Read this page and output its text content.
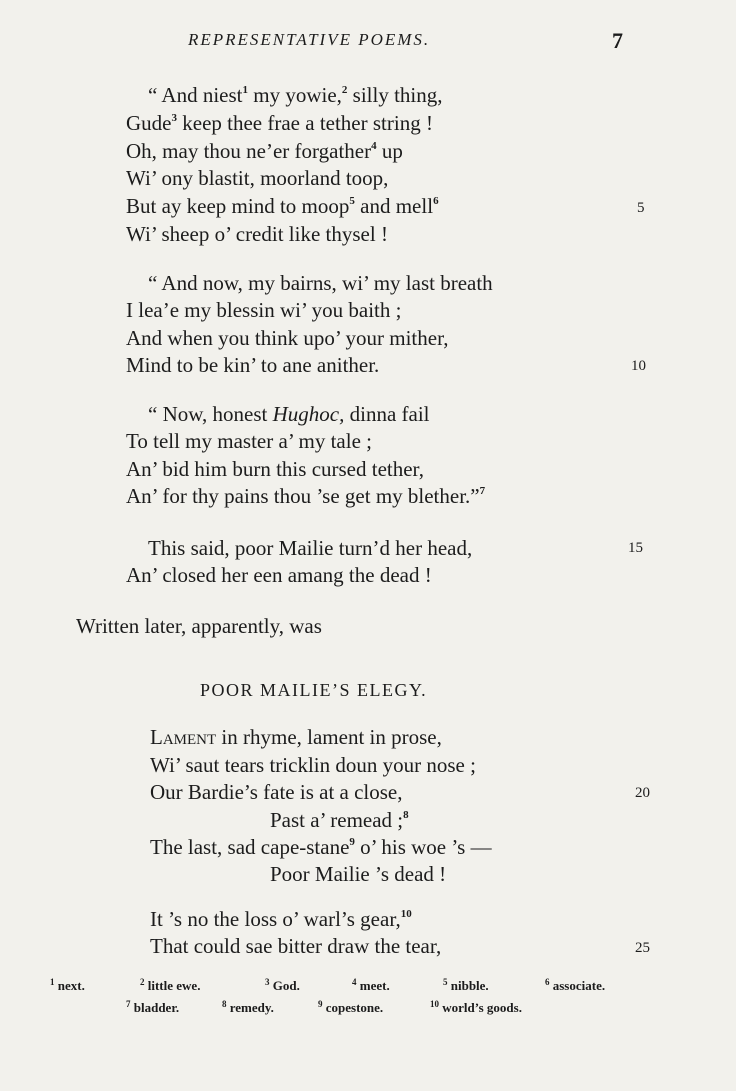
REPRESENTATIVE POEMS.	7
“ And niest$^1$ my yowie,$^2$ silly thing,
Gude$^3$ keep thee frae a tether string !
Oh, may thou ne’er forgather$^4$ up
Wi’ ony blastit, moorland toop,
But ay keep mind to moop$^5$ and mell$^6$	5
Wi’ sheep o’ credit like thysel !
“ And now, my bairns, wi’ my last breath
I lea’e my blessin wi’ you baith ;
And when you think upo’ your mither,
Mind to be kin’ to ane anither.	10
“ Now, honest Hughoc, dinna fail
To tell my master a’ my tale ;
An’ bid him burn this cursed tether,
An’ for thy pains thou ’se get my blether.”$^7$
This said, poor Mailie turn’d her head,	15
An’ closed her een amang the dead !
Written later, apparently, was
POOR MAILIE’S ELEGY.
Lament in rhyme, lament in prose,
Wi’ saut tears tricklin doun your nose ;
Our Bardie’s fate is at a close,	20
Past a’ remead ;$^8$
The last, sad cape-stane$^9$ o’ his woe ’s —
Poor Mailie ’s dead !
It ’s no the loss o’ warl’s gear,$^{10}$
That could sae bitter draw the tear,	25
$^1$ next.	$^2$ little ewe.	$^3$ God.	$^4$ meet.	$^5$ nibble.	$^6$ associate.
$^7$ bladder.	$^8$ remedy.	$^9$ copestone.	$^{10}$ world’s goods.
